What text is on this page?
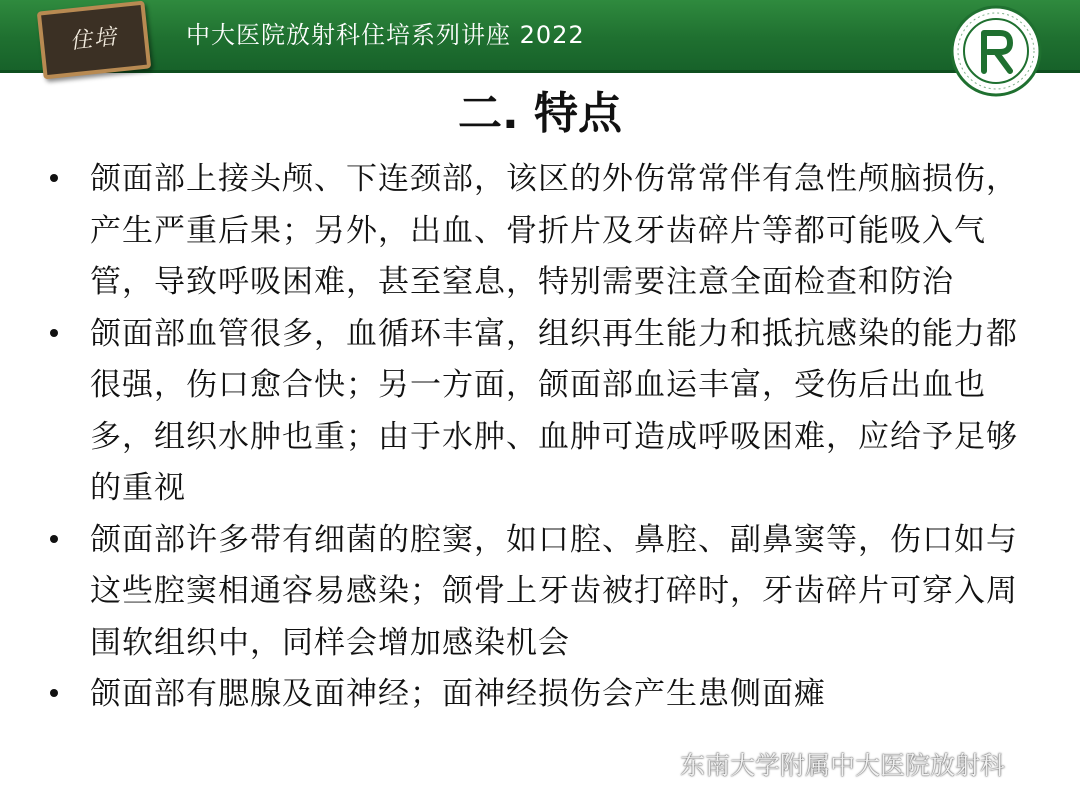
住培	中大医院放射科住培系列讲座 2022
二. 特点
颌面部上接头颅、下连颈部，该区的外伤常常伴有急性颅脑损伤，产生严重后果；另外，出血、骨折片及牙齿碎片等都可能吸入气管，导致呼吸困难，甚至窒息，特别需要注意全面检查和防治
颌面部血管很多，血循环丰富，组织再生能力和抵抗感染的能力都很强，伤口愈合快；另一方面，颌面部血运丰富，受伤后出血也多，组织水肿也重；由于水肿、血肿可造成呼吸困难，应给予足够的重视
颌面部许多带有细菌的腔窦，如口腔、鼻腔、副鼻窦等，伤口如与这些腔窦相通容易感染；颌骨上牙齿被打碎时，牙齿碎片可穿入周围软组织中，同样会增加感染机会
颌面部有腮腺及面神经；面神经损伤会产生患侧面瘫
东南大学附属中大医院放射科
